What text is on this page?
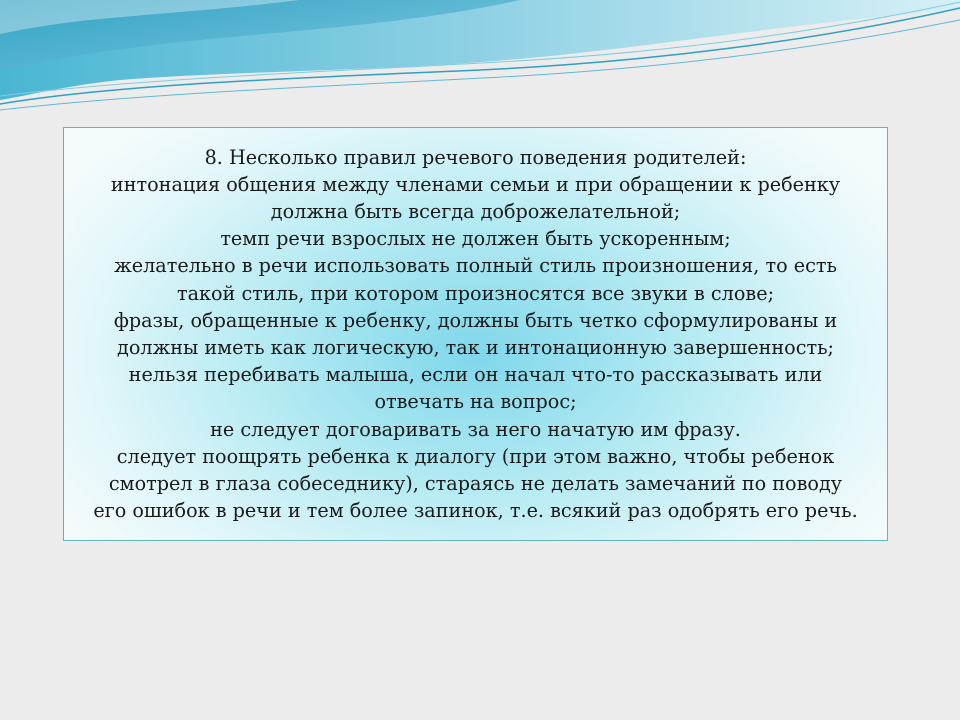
8. Несколько правил речевого поведения родителей:
интонация общения между членами семьи и при обращении к ребенку
должна быть всегда доброжелательной;
темп речи взрослых не должен быть ускоренным;
желательно в речи использовать полный стиль произношения, то есть
такой стиль, при котором произносятся все звуки в слове;
фразы, обращенные к ребенку, должны быть четко сформулированы и
должны иметь как логическую, так и интонационную завершенность;
нельзя перебивать малыша, если он начал что-то рассказывать или
отвечать на вопрос;
не следует договаривать за него начатую им фразу.
следует поощрять ребенка к диалогу (при этом важно, чтобы ребенок
смотрел в глаза собеседнику), стараясь не делать замечаний по поводу
его ошибок в речи и тем более запинок, т.е. всякий раз одобрять его речь.
